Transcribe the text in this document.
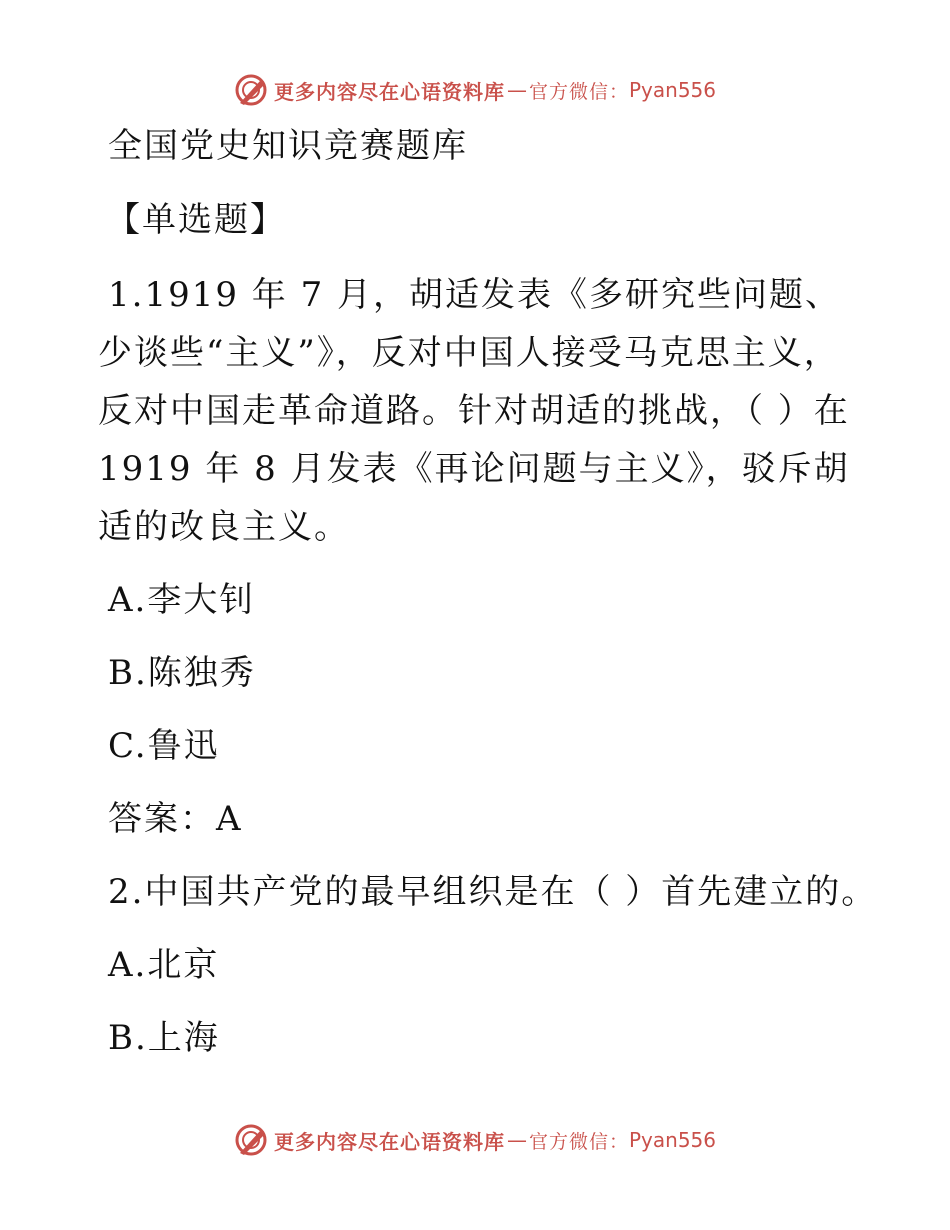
更多内容尽在心语资料库 — 官方微信： Pyan556

全国党史知识竞赛题库

【单选题】

1.1919 年 7 月，胡适发表《多研究些问题、少谈些“主义”》，反对中国人接受马克思主义，反对中国走革命道路。针对胡适的挑战，（ ）在 1919 年 8 月发表《再论问题与主义》，驳斥胡适的改良主义。

A.李大钊

B.陈独秀

C.鲁迅

答案：A

2.中国共产党的最早组织是在（ ）首先建立的。

A.北京

B.上海

更多内容尽在心语资料库 — 官方微信： Pyan556
